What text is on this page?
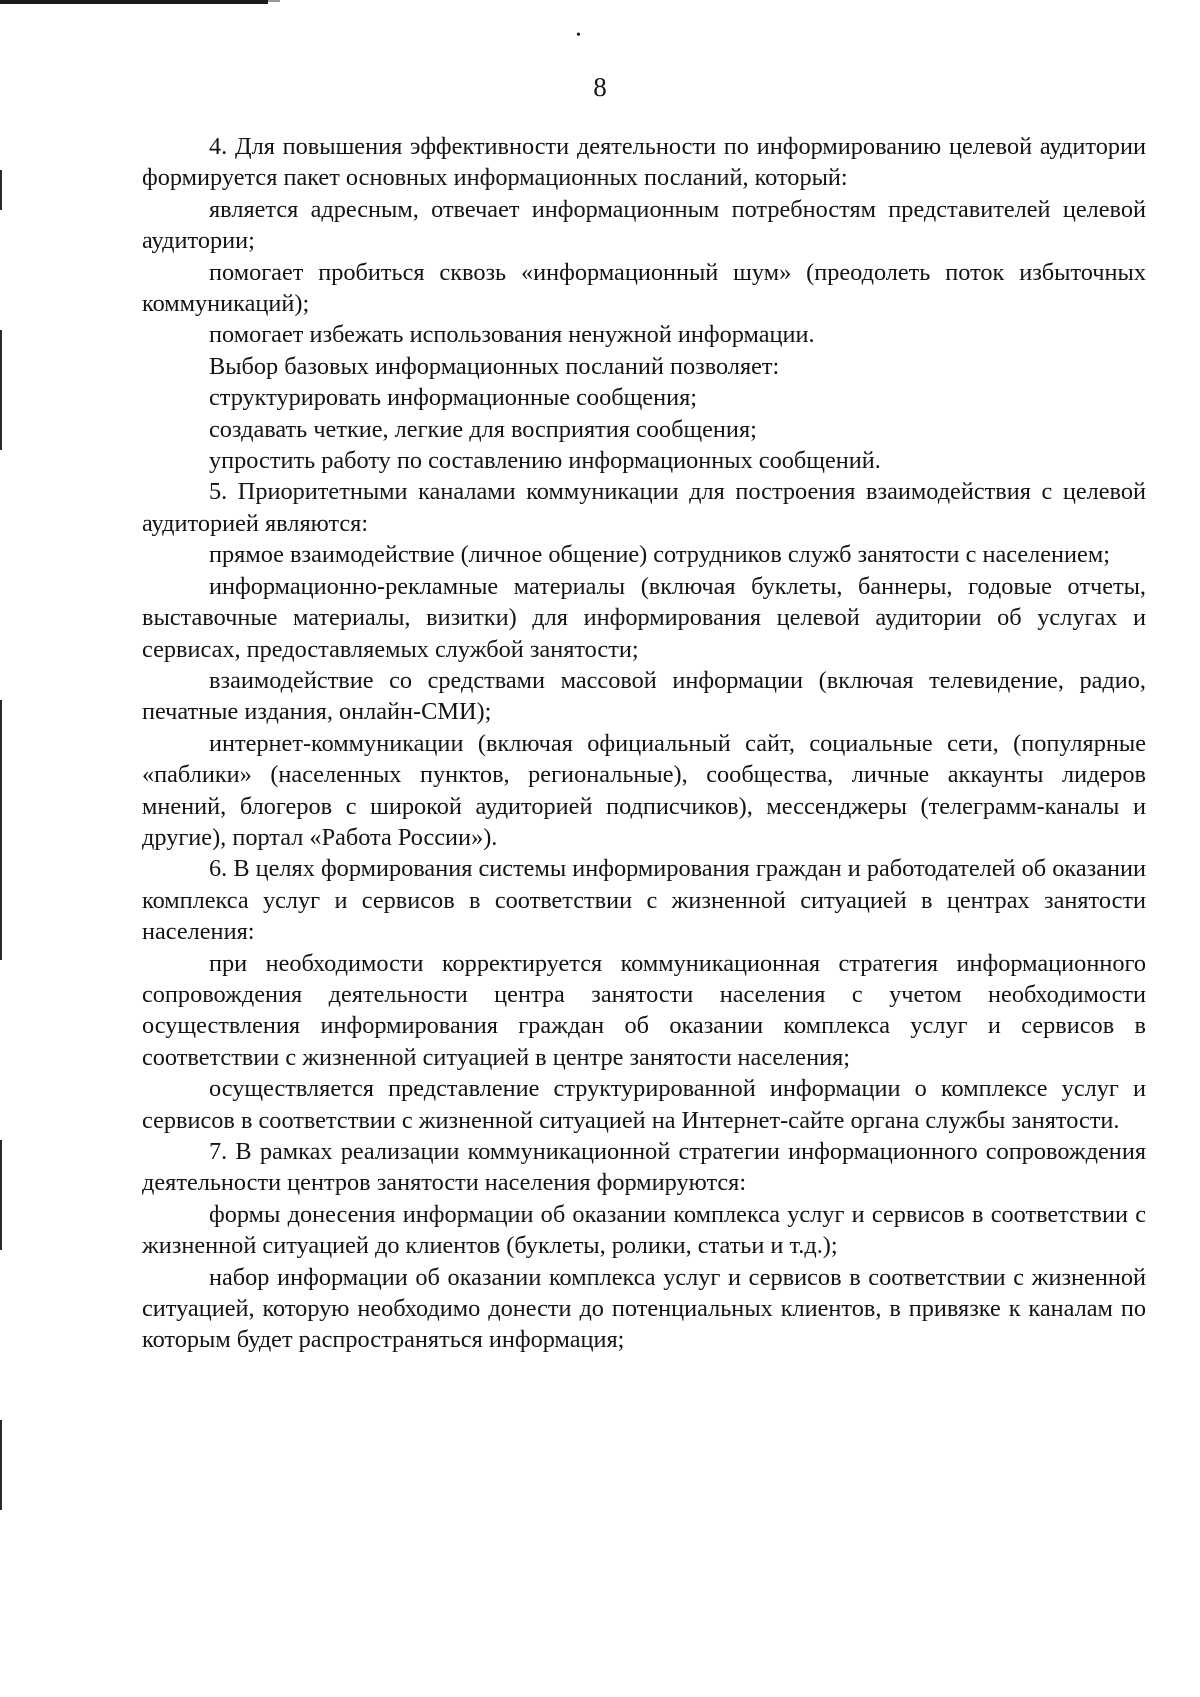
•
8

4. Для повышения эффективности деятельности по информированию целевой аудитории формируется пакет основных информационных посланий, который:

является адресным, отвечает информационным потребностям представителей целевой аудитории;

помогает пробиться сквозь «информационный шум» (преодолеть поток избыточных коммуникаций);

помогает избежать использования ненужной информации.

Выбор базовых информационных посланий позволяет:

структурировать информационные сообщения;

создавать четкие, легкие для восприятия сообщения;

упростить работу по составлению информационных сообщений.

5. Приоритетными каналами коммуникации для построения взаимодействия с целевой аудиторией являются:

прямое взаимодействие (личное общение) сотрудников служб занятости с населением;

информационно-рекламные материалы (включая буклеты, баннеры, годовые отчеты, выставочные материалы, визитки) для информирования целевой аудитории об услугах и сервисах, предоставляемых службой занятости;

взаимодействие со средствами массовой информации (включая телевидение, радио, печатные издания, онлайн-СМИ);

интернет-коммуникации (включая официальный сайт, социальные сети, (популярные «паблики» (населенных пунктов, региональные), сообщества, личные аккаунты лидеров мнений, блогеров с широкой аудиторией подписчиков), мессенджеры (телеграмм-каналы и другие), портал «Работа России»).

6. В целях формирования системы информирования граждан и работодателей об оказании комплекса услуг и сервисов в соответствии с жизненной ситуацией в центрах занятости населения:

при необходимости корректируется коммуникационная стратегия информационного сопровождения деятельности центра занятости населения с учетом необходимости осуществления информирования граждан об оказании комплекса услуг и сервисов в соответствии с жизненной ситуацией в центре занятости населения;

осуществляется представление структурированной информации о комплексе услуг и сервисов в соответствии с жизненной ситуацией на Интернет-сайте органа службы занятости.

7. В рамках реализации коммуникационной стратегии информационного сопровождения деятельности центров занятости населения формируются:

формы донесения информации об оказании комплекса услуг и сервисов в соответствии с жизненной ситуацией до клиентов (буклеты, ролики, статьи и т.д.);

набор информации об оказании комплекса услуг и сервисов в соответствии с жизненной ситуацией, которую необходимо донести до потенциальных клиентов, в привязке к каналам по которым будет распространяться информация;
